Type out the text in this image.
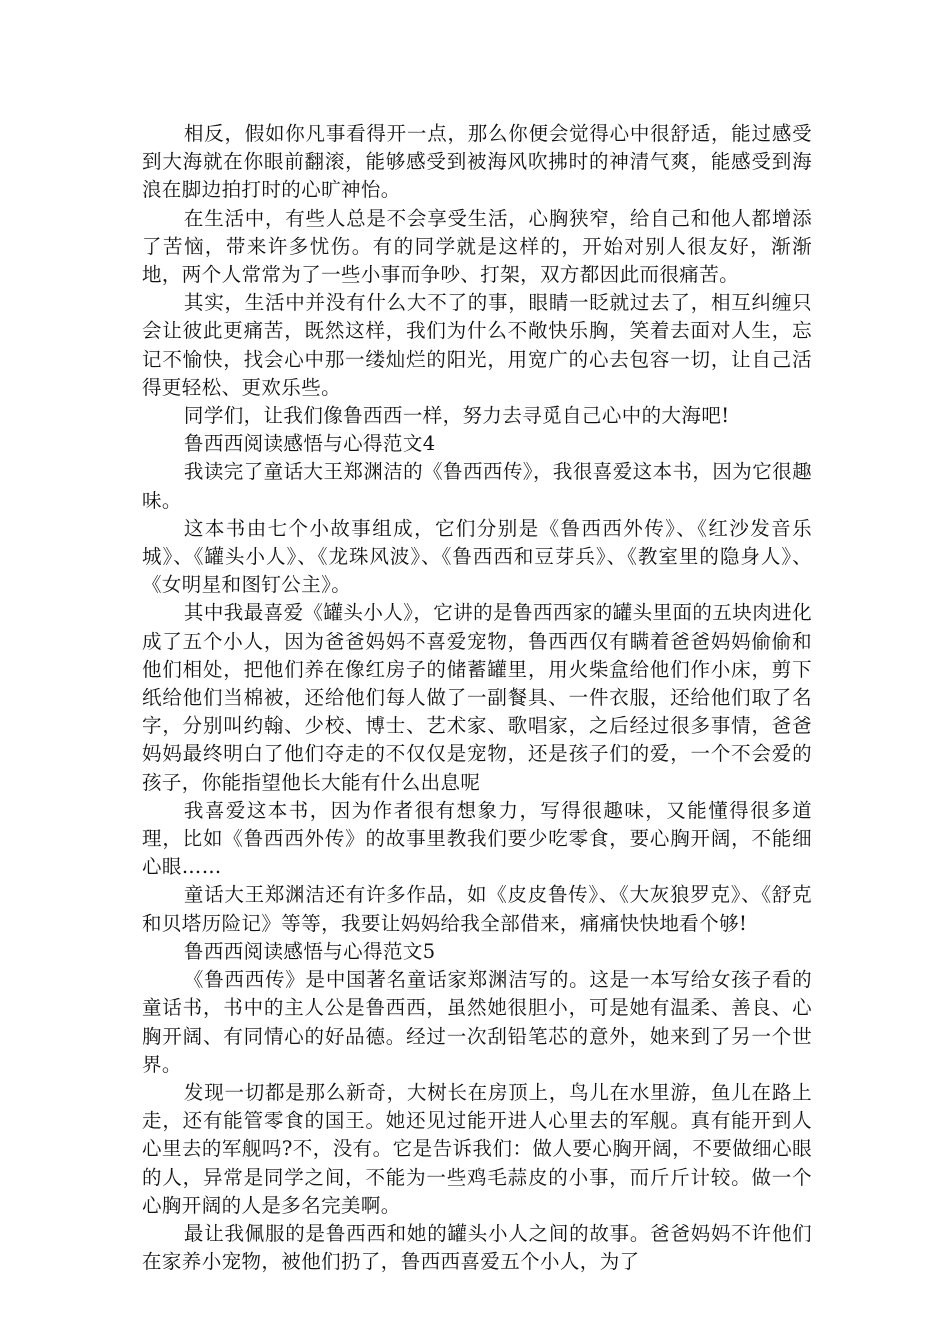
相反，假如你凡事看得开一点，那么你便会觉得心中很舒适，能过感受到大海就在你眼前翻滚，能够感受到被海风吹拂时的神清气爽，能感受到海浪在脚边拍打时的心旷神怡。

在生活中，有些人总是不会享受生活，心胸狭窄，给自己和他人都增添了苦恼，带来许多忧伤。有的同学就是这样的，开始对别人很友好，渐渐地，两个人常常为了一些小事而争吵、打架，双方都因此而很痛苦。

其实，生活中并没有什么大不了的事，眼睛一眨就过去了，相互纠缠只会让彼此更痛苦，既然这样，我们为什么不敞快乐胸，笑着去面对人生，忘记不愉快，找会心中那一缕灿烂的阳光，用宽广的心去包容一切，让自己活得更轻松、更欢乐些。

同学们，让我们像鲁西西一样，努力去寻觅自己心中的大海吧!

鲁西西阅读感悟与心得范文4

我读完了童话大王郑渊洁的《鲁西西传》，我很喜爱这本书，因为它很趣味。

这本书由七个小故事组成，它们分别是《鲁西西外传》、《红沙发音乐城》、《罐头小人》、《龙珠风波》、《鲁西西和豆芽兵》、《教室里的隐身人》、《女明星和图钉公主》。

其中我最喜爱《罐头小人》，它讲的是鲁西西家的罐头里面的五块肉进化成了五个小人，因为爸爸妈妈不喜爱宠物，鲁西西仅有瞒着爸爸妈妈偷偷和他们相处，把他们养在像红房子的储蓄罐里，用火柴盒给他们作小床，剪下纸给他们当棉被，还给他们每人做了一副餐具、一件衣服，还给他们取了名字，分别叫约翰、少校、博士、艺术家、歌唱家，之后经过很多事情，爸爸妈妈最终明白了他们夺走的不仅仅是宠物，还是孩子们的爱，一个不会爱的孩子，你能指望他长大能有什么出息呢

我喜爱这本书，因为作者很有想象力，写得很趣味，又能懂得很多道理，比如《鲁西西外传》的故事里教我们要少吃零食，要心胸开阔，不能细心眼……

童话大王郑渊洁还有许多作品，如《皮皮鲁传》、《大灰狼罗克》、《舒克和贝塔历险记》等等，我要让妈妈给我全部借来，痛痛快快地看个够!

鲁西西阅读感悟与心得范文5

《鲁西西传》是中国著名童话家郑渊洁写的。这是一本写给女孩子看的童话书，书中的主人公是鲁西西，虽然她很胆小，可是她有温柔、善良、心胸开阔、有同情心的好品德。经过一次刮铅笔芯的意外，她来到了另一个世界。

发现一切都是那么新奇，大树长在房顶上，鸟儿在水里游，鱼儿在路上走，还有能管零食的国王。她还见过能开进人心里去的军舰。真有能开到人心里去的军舰吗?不，没有。它是告诉我们：做人要心胸开阔，不要做细心眼的人，异常是同学之间，不能为一些鸡毛蒜皮的小事，而斤斤计较。做一个心胸开阔的人是多名完美啊。

最让我佩服的是鲁西西和她的罐头小人之间的故事。爸爸妈妈不许他们在家养小宠物，被他们扔了，鲁西西喜爱五个小人，为了
